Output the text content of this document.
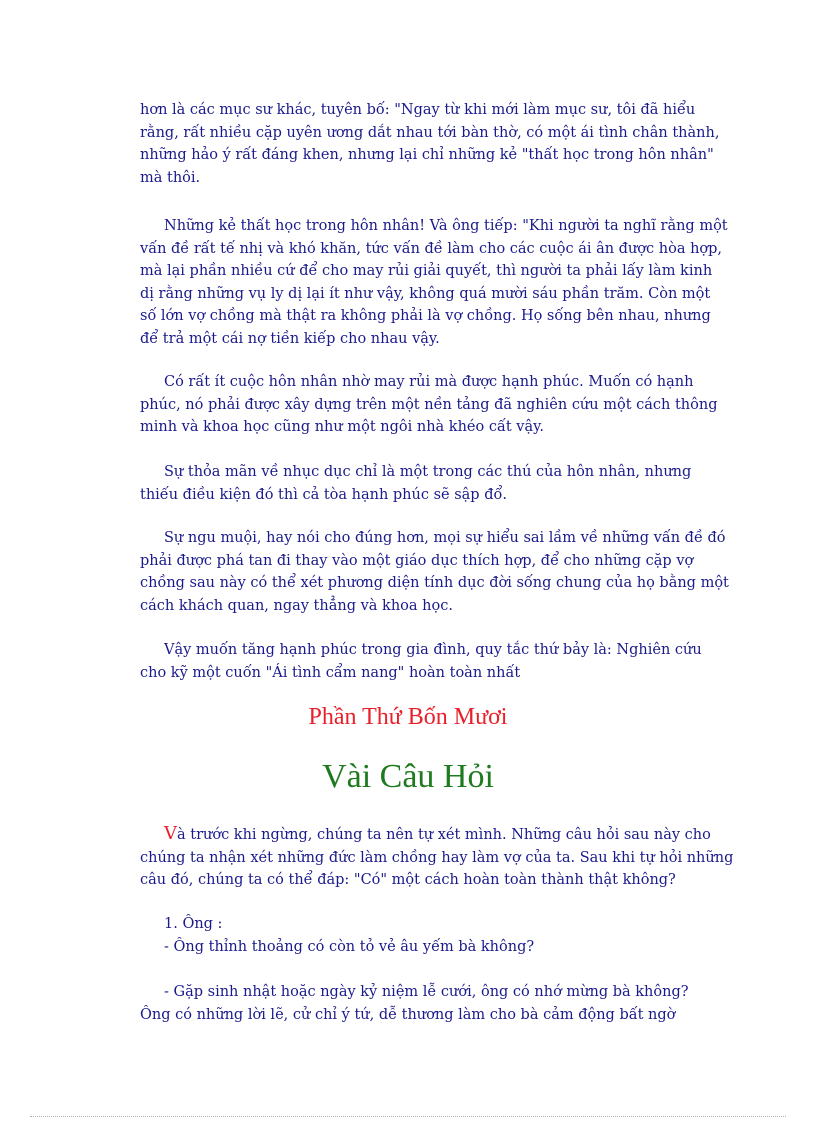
hơn là các mục sư khác, tuyên bố: "Ngay từ khi mới làm mục sư, tôi đã hiểu
rằng, rất nhiều cặp uyên ương dắt nhau tới bàn thờ, có một ái tình chân thành,
những hảo ý rất đáng khen, nhưng lại chỉ những kẻ "thất học trong hôn nhân"
mà thôi.
Những kẻ thất học trong hôn nhân! Và ông tiếp: "Khi người ta nghĩ rằng một
vấn đề rất tế nhị và khó khăn, tức vấn đề làm cho các cuộc ái ân được hòa hợp,
mà lại phần nhiều cứ để cho may rủi giải quyết, thì người ta phải lấy làm kinh
dị rằng những vụ ly dị lại ít như vậy, không quá mười sáu phần trăm. Còn một
số lớn vợ chồng mà thật ra không phải là vợ chồng. Họ sống bên nhau, nhưng
để trả một cái nợ tiền kiếp cho nhau vậy.
Có rất ít cuộc hôn nhân nhờ may rủi mà được hạnh phúc. Muốn có hạnh
phúc, nó phải được xây dựng trên một nền tảng đã nghiên cứu một cách thông
minh và khoa học cũng như một ngôi nhà khéo cất vậy.
Sự thỏa mãn về nhục dục chỉ là một trong các thú của hôn nhân, nhưng
thiếu điều kiện đó thì cả tòa hạnh phúc sẽ sập đổ.
Sự ngu muội, hay nói cho đúng hơn, mọi sự hiểu sai lầm về những vấn đề đó
phải được phá tan đi thay vào một giáo dục thích hợp, để cho những cặp vợ
chồng sau này có thể xét phương diện tính dục đời sống chung của họ bằng một
cách khách quan, ngay thẳng và khoa học.
Vậy muốn tăng hạnh phúc trong gia đình, quy tắc thứ bảy là: Nghiên cứu
cho kỹ một cuốn "Ái tình cẩm nang" hoàn toàn nhất
Phần Thứ Bốn Mươi
Vài Câu Hỏi
Và trước khi ngừng, chúng ta nên tự xét mình. Những câu hỏi sau này cho
chúng ta nhận xét những đức làm chồng hay làm vợ của ta. Sau khi tự hỏi những
câu đó, chúng ta có thể đáp: "Có" một cách hoàn toàn thành thật không?
1. Ông :
- Ông thỉnh thoảng có còn tỏ vẻ âu yếm bà không?
- Gặp sinh nhật hoặc ngày kỷ niệm lễ cưới, ông có nhớ mừng bà không?
Ông có những lời lẽ, cử chỉ ý tứ, dễ thương làm cho bà cảm động bất ngờ
